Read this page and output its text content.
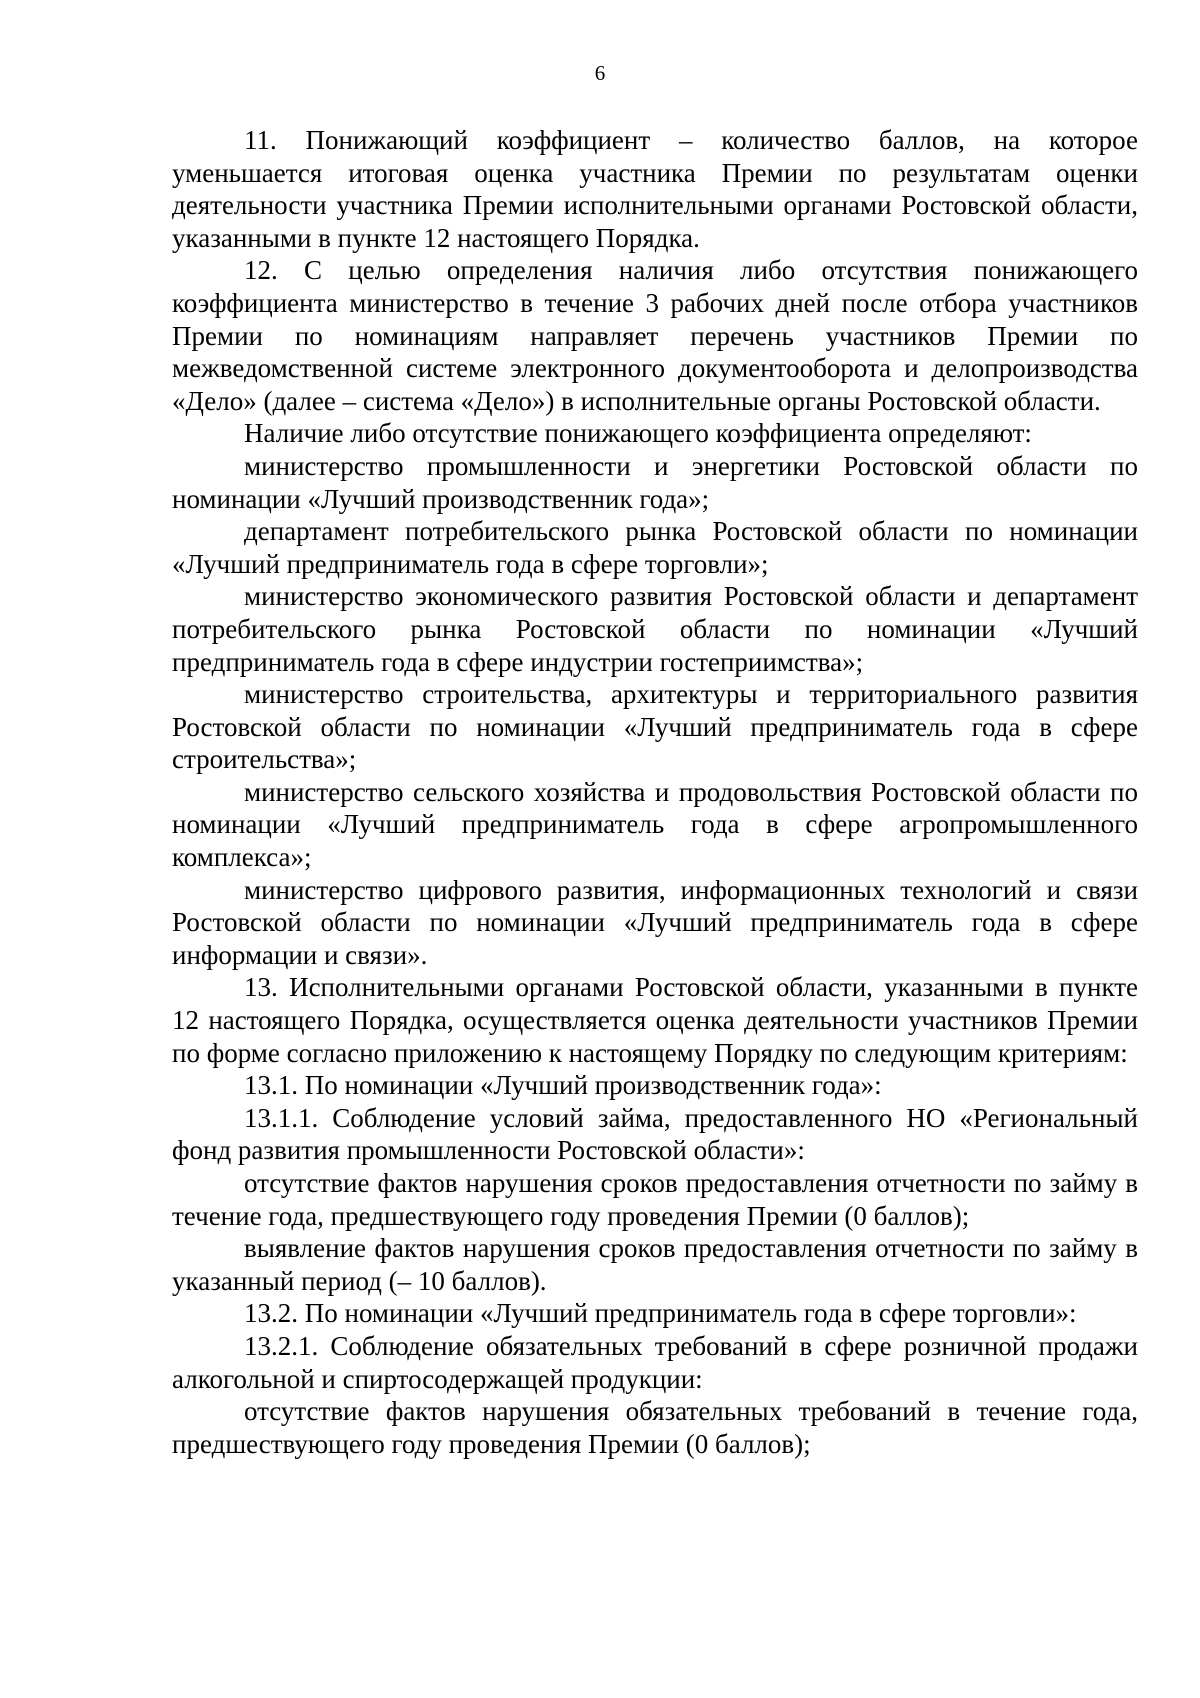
6

11. Понижающий коэффициент – количество баллов, на которое уменьшается итоговая оценка участника Премии по результатам оценки деятельности участника Премии исполнительными органами Ростовской области, указанными в пункте 12 настоящего Порядка.

12. С целью определения наличия либо отсутствия понижающего коэффициента министерство в течение 3 рабочих дней после отбора участников Премии по номинациям направляет перечень участников Премии по межведомственной системе электронного документооборота и делопроизводства «Дело» (далее – система «Дело») в исполнительные органы Ростовской области.

Наличие либо отсутствие понижающего коэффициента определяют:

министерство промышленности и энергетики Ростовской области по номинации «Лучший производственник года»;

департамент потребительского рынка Ростовской области по номинации «Лучший предприниматель года в сфере торговли»;

министерство экономического развития Ростовской области и департамент потребительского рынка Ростовской области по номинации «Лучший предприниматель года в сфере индустрии гостеприимства»;

министерство строительства, архитектуры и территориального развития Ростовской области по номинации «Лучший предприниматель года в сфере строительства»;

министерство сельского хозяйства и продовольствия Ростовской области по номинации «Лучший предприниматель года в сфере агропромышленного комплекса»;

министерство цифрового развития, информационных технологий и связи Ростовской области по номинации «Лучший предприниматель года в сфере информации и связи».

13. Исполнительными органами Ростовской области, указанными в пункте 12 настоящего Порядка, осуществляется оценка деятельности участников Премии по форме согласно приложению к настоящему Порядку по следующим критериям:

13.1. По номинации «Лучший производственник года»:

13.1.1. Соблюдение условий займа, предоставленного НО «Региональный фонд развития промышленности Ростовской области»:

отсутствие фактов нарушения сроков предоставления отчетности по займу в течение года, предшествующего году проведения Премии (0 баллов);

выявление фактов нарушения сроков предоставления отчетности по займу в указанный период (– 10 баллов).

13.2. По номинации «Лучший предприниматель года в сфере торговли»:

13.2.1. Соблюдение обязательных требований в сфере розничной продажи алкогольной и спиртосодержащей продукции:

отсутствие фактов нарушения обязательных требований в течение года, предшествующего году проведения Премии (0 баллов);
